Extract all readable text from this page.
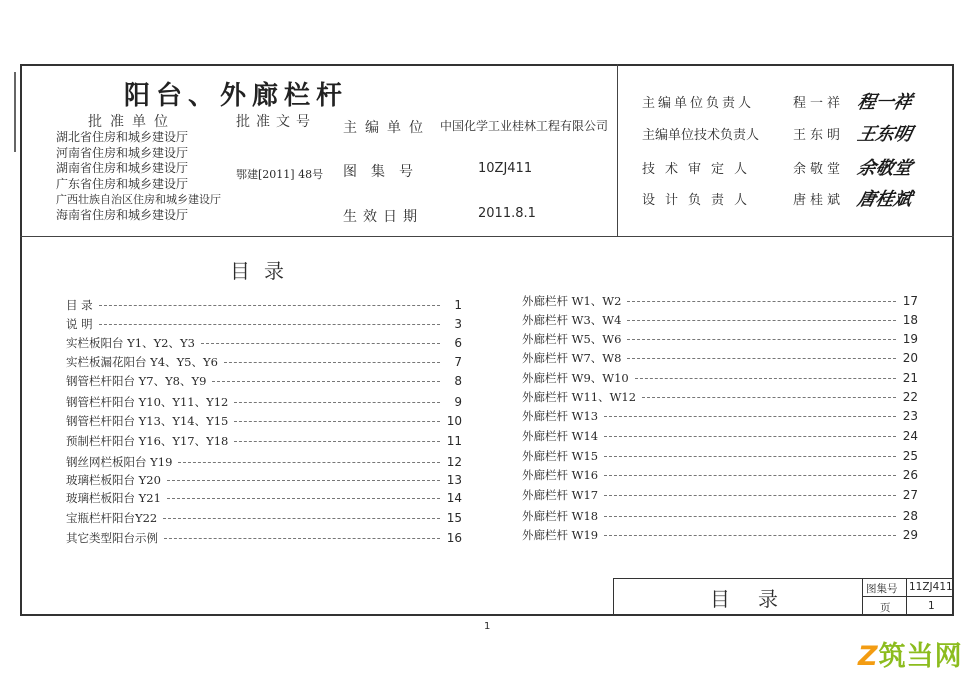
阳台、外廊栏杆
批准单位
湖北省住房和城乡建设厅
河南省住房和城乡建设厅
湖南省住房和城乡建设厅
广东省住房和城乡建设厅
广西壮族自治区住房和城乡建设厅
海南省住房和城乡建设厅
批准文号
鄂建[2011] 48号
主编单位 中国化学工业桂林工程有限公司
图集号	10ZJ411
生效日期	2011.8.1
主编单位负责人	程一祥 程一祥
主编单位技术负责人	王东明 王东明
技术审定人	余敬堂 余敬堂
设计负责人	唐桂斌 唐桂斌
目录
目 录	1
说 明	3
实栏板阳台 Y1、Y2、Y3	6
实栏板漏花阳台 Y4、Y5、Y6	7
钢管栏杆阳台 Y7、Y8、Y9	8
钢管栏杆阳台 Y10、Y11、Y12	9
钢管栏杆阳台 Y13、Y14、Y15	10
预制栏杆阳台 Y16、Y17、Y18	11
钢丝网栏板阳台 Y19	12
玻璃栏板阳台 Y20	13
玻璃栏板阳台 Y21	14
宝瓶栏杆阳台Y22	15
其它类型阳台示例	16
外廊栏杆 W1、W2	17
外廊栏杆 W3、W4	18
外廊栏杆 W5、W6	19
外廊栏杆 W7、W8	20
外廊栏杆 W9、W10	21
外廊栏杆 W11、W12	22
外廊栏杆 W13	23
外廊栏杆 W14	24
外廊栏杆 W15	25
外廊栏杆 W16	26
外廊栏杆 W17	27
外廊栏杆 W18	28
外廊栏杆 W19	29
目录	图集号 11ZJ411
页	1
1
Z筑当网
